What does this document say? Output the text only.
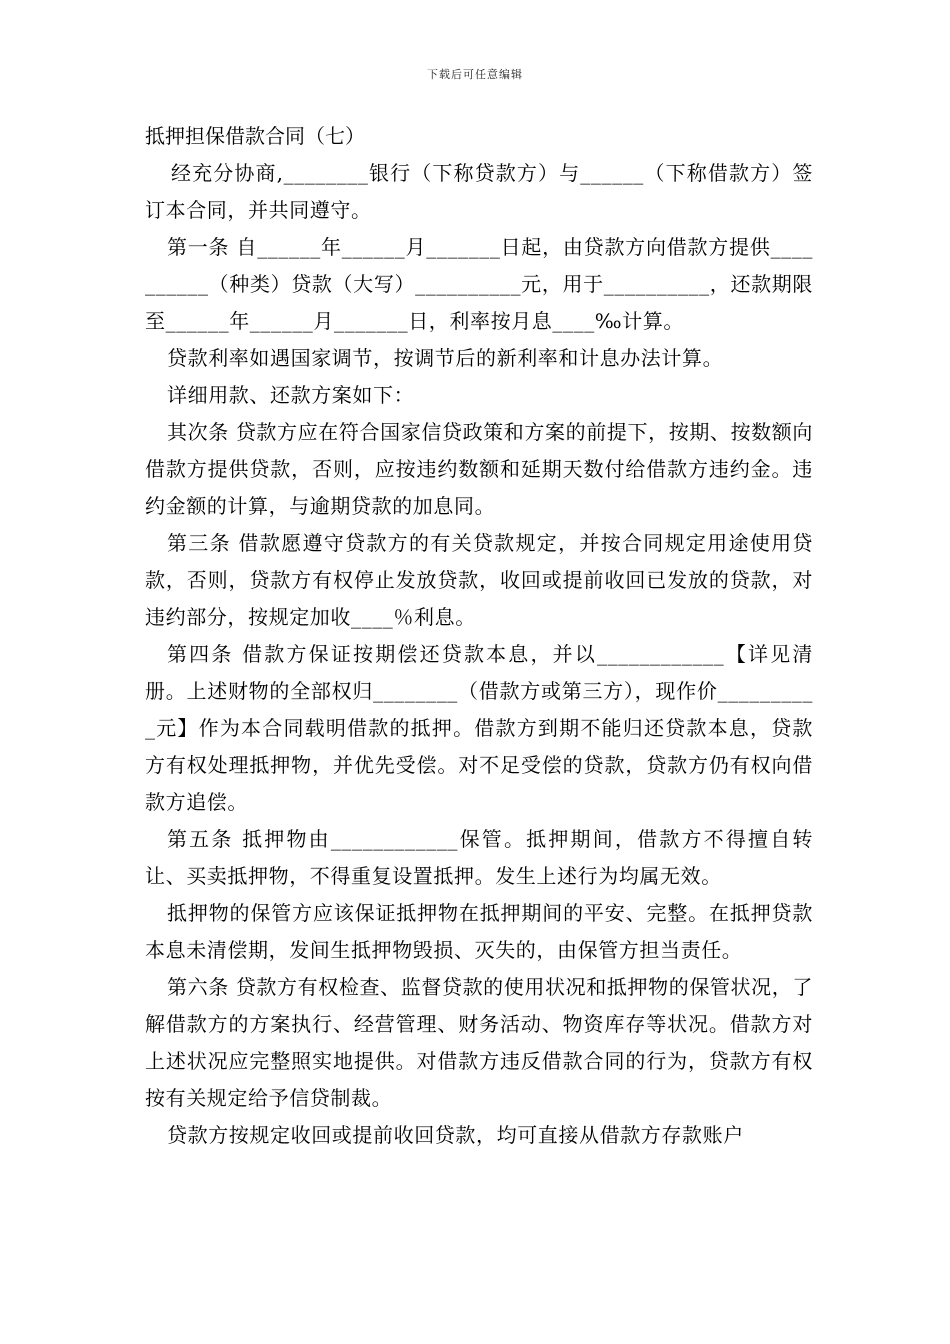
下载后可任意编辑
抵押担保借款合同（七）

经充分协商,________银行（下称贷款方）与______（下称借款方）签订本合同，并共同遵守。

第一条 自______年______月_______日起，由贷款方向借款方提供__________（种类）贷款（大写）__________元，用于__________，还款期限至______年______月_______日，利率按月息____‰计算。

贷款利率如遇国家调节，按调节后的新利率和计息办法计算。

详细用款、还款方案如下：

其次条 贷款方应在符合国家信贷政策和方案的前提下，按期、按数额向借款方提供贷款，否则，应按违约数额和延期天数付给借款方违约金。违约金额的计算，与逾期贷款的加息同。

第三条 借款愿遵守贷款方的有关贷款规定，并按合同规定用途使用贷款，否则，贷款方有权停止发放贷款，收回或提前收回已发放的贷款，对违约部分，按规定加收____％利息。

第四条 借款方保证按期偿还贷款本息，并以____________【详见清册。上述财物的全部权归________（借款方或第三方），现作价__________元】作为本合同载明借款的抵押。借款方到期不能归还贷款本息，贷款方有权处理抵押物，并优先受偿。对不足受偿的贷款，贷款方仍有权向借款方追偿。

第五条 抵押物由____________保管。抵押期间，借款方不得擅自转让、买卖抵押物，不得重复设置抵押。发生上述行为均属无效。

抵押物的保管方应该保证抵押物在抵押期间的平安、完整。在抵押贷款本息未清偿期，发间生抵押物毁损、灭失的，由保管方担当责任。

第六条 贷款方有权检查、监督贷款的使用状况和抵押物的保管状况，了解借款方的方案执行、经营管理、财务活动、物资库存等状况。借款方对上述状况应完整照实地提供。对借款方违反借款合同的行为，贷款方有权按有关规定给予信贷制裁。

贷款方按规定收回或提前收回贷款，均可直接从借款方存款账户
